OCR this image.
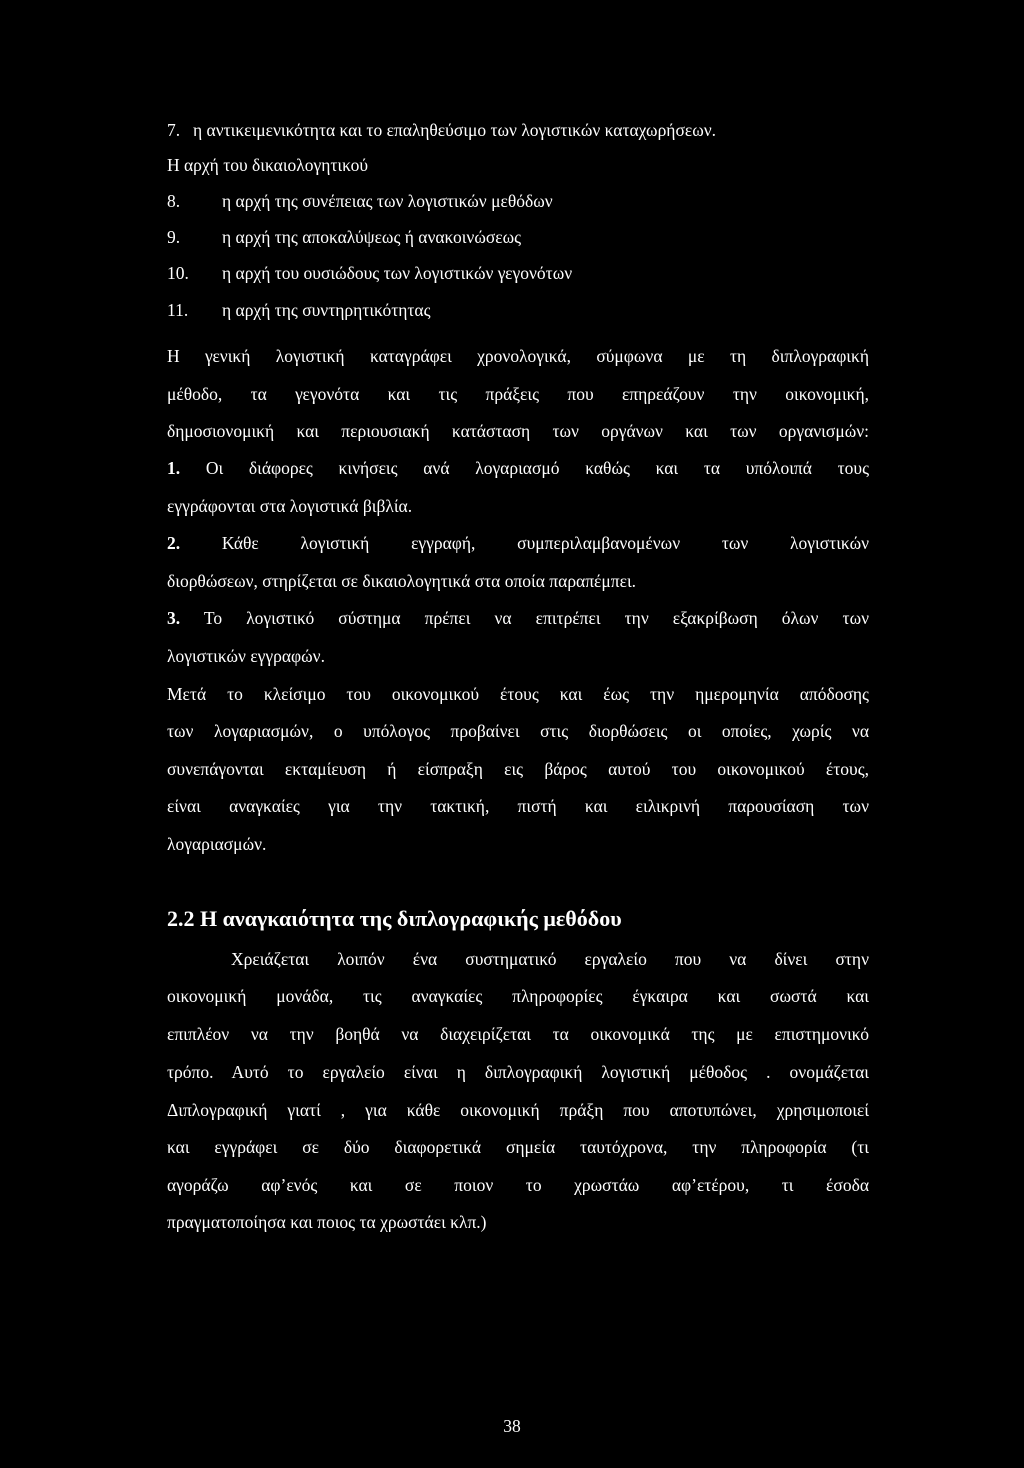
7. η αντικειμενικότητα και το επαληθεύσιμο των λογιστικών καταχωρήσεων.
Η αρχή του δικαιολογητικού
8. η αρχή της συνέπειας των λογιστικών μεθόδων
9. η αρχή της αποκαλύψεως ή ανακοινώσεως
10. η αρχή του ουσιώδους των λογιστικών γεγονότων
11. η αρχή της συντηρητικότητας
Η γενική λογιστική καταγράφει χρονολογικά, σύμφωνα με τη διπλογραφική
μέθοδο, τα γεγονότα και τις πράξεις που επηρεάζουν την οικονομική,
δημοσιονομική και περιουσιακή κατάσταση των οργάνων και των οργανισμών:
1. Οι διάφορες κινήσεις ανά λογαριασμό καθώς και τα υπόλοιπά τους
εγγράφονται στα λογιστικά βιβλία.
2. Κάθε λογιστική εγγραφή, συμπεριλαμβανομένων των λογιστικών
διορθώσεων, στηρίζεται σε δικαιολογητικά στα οποία παραπέμπει.
3. Το λογιστικό σύστημα πρέπει να επιτρέπει την εξακρίβωση όλων των
λογιστικών εγγραφών.
Μετά το κλείσιμο του οικονομικού έτους και έως την ημερομηνία απόδοσης
των λογαριασμών, ο υπόλογος προβαίνει στις διορθώσεις οι οποίες, χωρίς να
συνεπάγονται εκταμίευση ή είσπραξη εις βάρος αυτού του οικονομικού έτους,
είναι αναγκαίες για την τακτική, πιστή και ειλικρινή παρουσίαση των
λογαριασμών.
2.2 Η αναγκαιότητα της διπλογραφικής μεθόδου
Χρειάζεται λοιπόν ένα συστηματικό εργαλείο που να δίνει στην
οικονομική μονάδα, τις αναγκαίες πληροφορίες έγκαιρα και σωστά και
επιπλέον να την βοηθά να διαχειρίζεται τα οικονομικά της με επιστημονικό
τρόπο. Αυτό το εργαλείο είναι η διπλογραφική λογιστική μέθοδος . ονομάζεται
Διπλογραφική γιατί , για κάθε οικονομική πράξη που αποτυπώνει, χρησιμοποιεί
και εγγράφει σε δύο διαφορετικά σημεία ταυτόχρονα, την πληροφορία (τι
αγοράζω αφ’ενός και σε ποιον το χρωστάω αφ’ετέρου, τι έσοδα
πραγματοποίησα και ποιος τα χρωστάει κλπ.)
38
